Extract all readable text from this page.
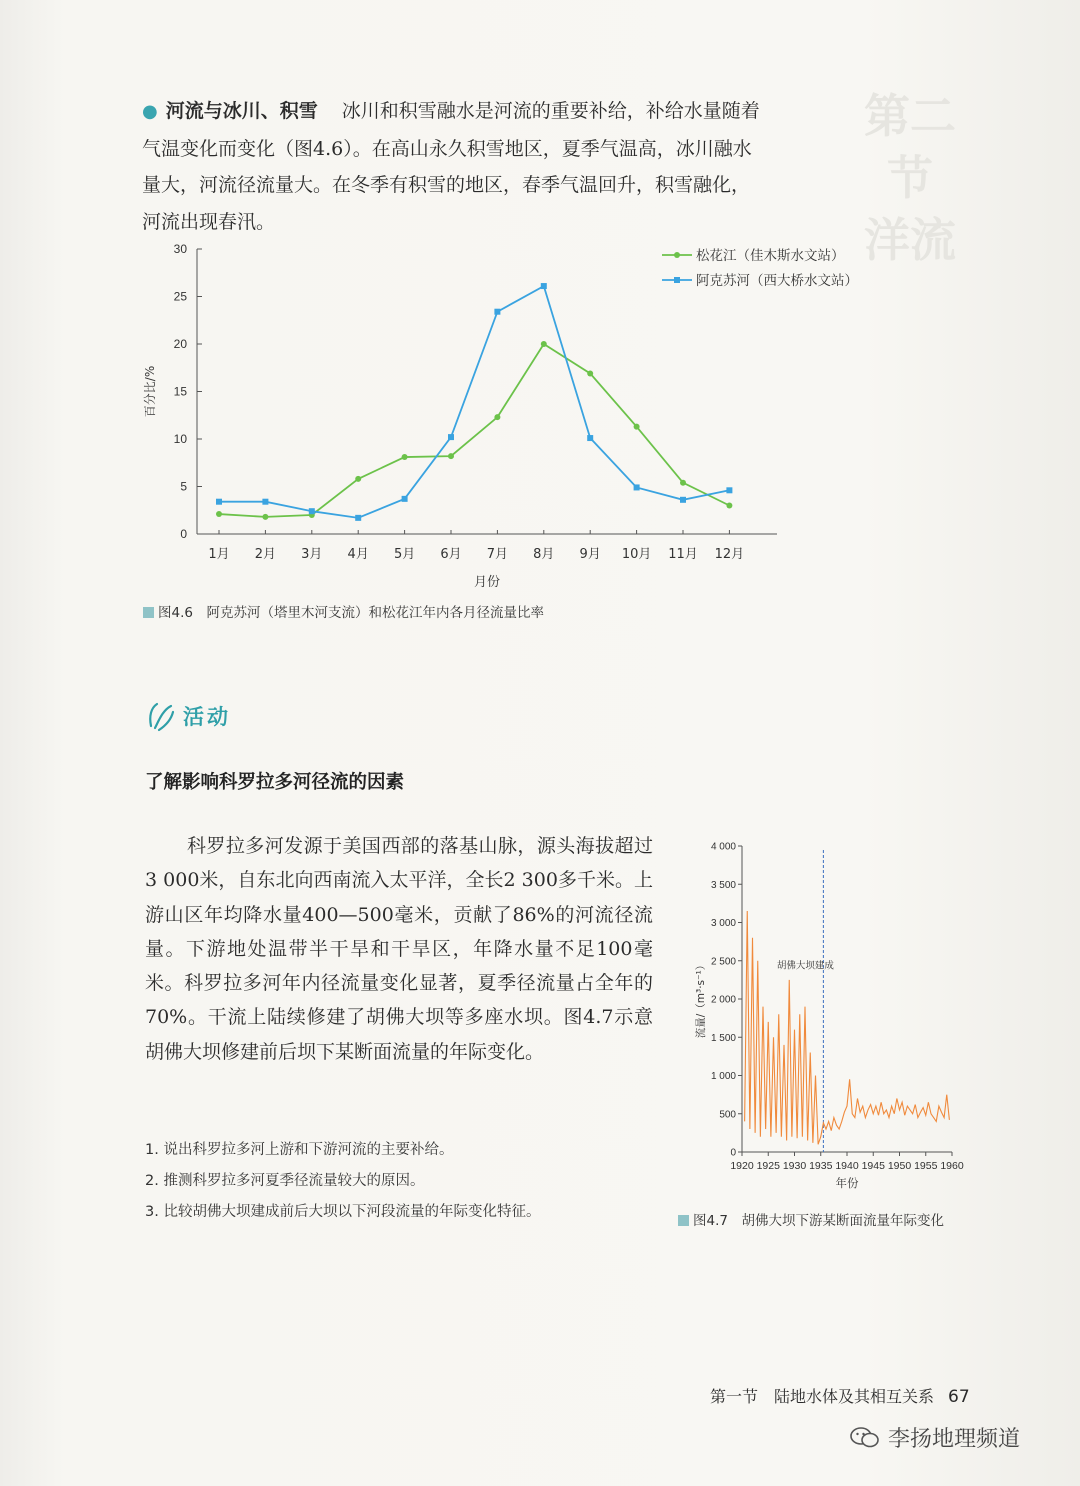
第二节
洋流

● 河流与冰川、积雪 冰川和积雪融水是河流的重要补给，补给水量随着气温变化而变化（图4.6）。在高山永久积雪地区，夏季气温高，冰川融水量大，河流径流量大。在冬季有积雪的地区，春季气温回升，积雪融化，河流出现春汛。

0
5
10
15
20
25
30
1月 2月 3月 4月 5月 6月 7月 8月 9月 10月 11月 12月
月份
百分比/%
松花江（佳木斯水文站）
阿克苏河（西大桥水文站）
图4.6　阿克苏河（塔里木河支流）和松花江年内各月径流量比率
活动
了解影响科罗拉多河径流的因素

科罗拉多河发源于美国西部的落基山脉，源头海拔超过3 000米，自东北向西南流入太平洋，全长2 300多千米。上游山区年均降水量400—500毫米，贡献了86%的河流径流量。下游地处温带半干旱和干旱区，年降水量不足100毫米。科罗拉多河年内径流量变化显著，夏季径流量占全年的70%。干流上陆续修建了胡佛大坝等多座水坝。图4.7示意胡佛大坝修建前后坝下某断面流量的年际变化。

1. 说出科罗拉多河上游和下游河流的主要补给。
2. 推测科罗拉多河夏季径流量较大的原因。
3. 比较胡佛大坝建成前后大坝以下河段流量的年际变化特征。
0
500
1 000
1 500
2 000
2 500
3 000
3 500
4 000
1920 1925 1930 1935 1940 1945 1950 1955 1960
年份
流量/（m³·s⁻¹）	胡佛大坝建成
图4.7　胡佛大坝下游某断面流量年际变化
第一节　陆地水体及其相互关系 67
李扬地理频道
